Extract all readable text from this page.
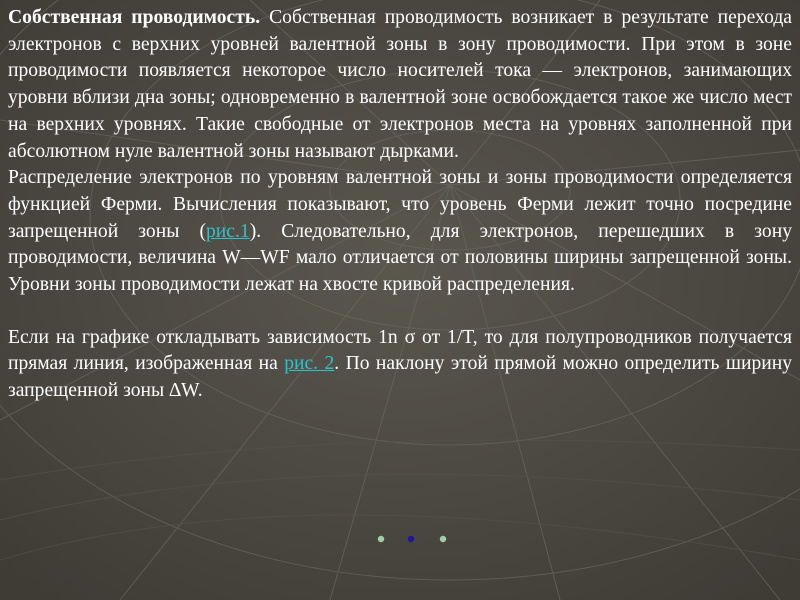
Собственная проводимость. Собственная проводимость возникает в результате перехода электронов с верхних уровней валентной зоны в зону проводимости. При этом в зоне проводимости появляется некоторое число носителей тока — электронов, занимающих уровни вблизи дна зоны; одновременно в валентной зоне освобождается такое же число мест на верхних уровнях. Такие свободные от электронов места на уровнях заполненной при абсолютном нуле валентной зоны называют дырками.

Распределение электронов по уровням валентной зоны и зоны проводимости определяется функцией Ферми. Вычисления показывают, что уровень Ферми лежит точно посредине запрещенной зоны (рис.1). Следовательно, для электронов, перешедших в зону проводимости, величина W—WF мало отличается от половины ширины запрещенной зоны. Уровни зоны проводимости лежат на хвосте кривой распределения.

Если на графике откладывать зависимость 1n σ от 1/T, то для полупроводников получается прямая линия, изображенная на рис. 2. По наклону этой прямой можно определить ширину запрещенной зоны ∆W.
